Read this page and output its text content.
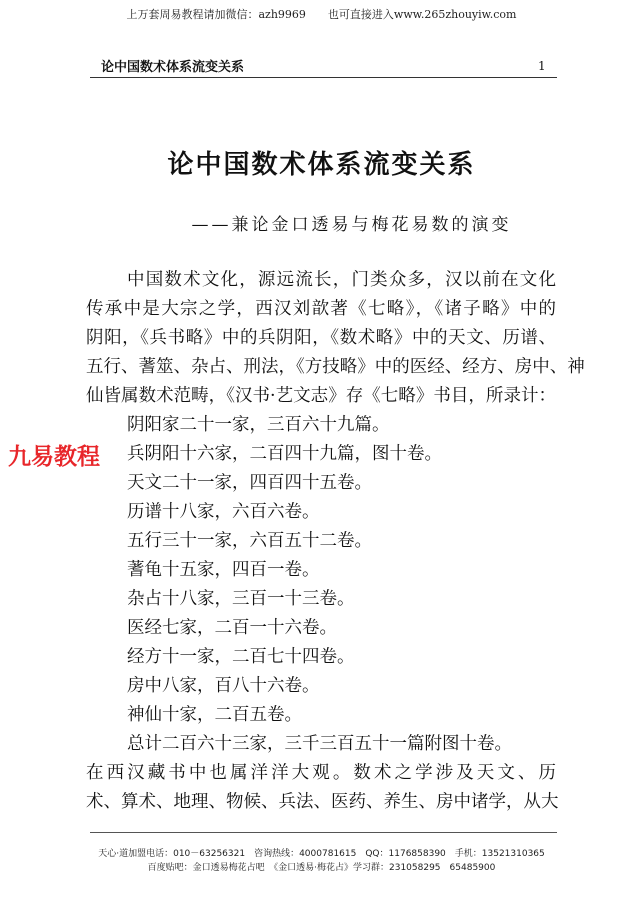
上万套周易教程请加微信：azh9969　　也可直接进入www.265zhouyiw.com
论中国数术体系流变关系	1
论中国数术体系流变关系
——兼论金口透易与梅花易数的演变
中国数术文化，源远流长，门类众多，汉以前在文化
传承中是大宗之学，西汉刘歆著《七略》，《诸子略》中的
阴阳，《兵书略》中的兵阴阳，《数术略》中的天文、历谱、
五行、蓍筮、杂占、刑法，《方技略》中的医经、经方、房中、神
仙皆属数术范畴，《汉书·艺文志》存《七略》书目，所录计：
阴阳家二十一家，三百六十九篇。
兵阴阳十六家，二百四十九篇，图十卷。
天文二十一家，四百四十五卷。
历谱十八家，六百六卷。
五行三十一家，六百五十二卷。
蓍龟十五家，四百一卷。
杂占十八家，三百一十三卷。
医经七家，二百一十六卷。
经方十一家，二百七十四卷。
房中八家，百八十六卷。
神仙十家，二百五卷。
九易教程
总计二百六十三家，三千三百五十一篇附图十卷。
在西汉藏书中也属洋洋大观。数术之学涉及天文、历
术、算术、地理、物候、兵法、医药、养生、房中诸学，从大
天心·道加盟电话：010－63256321　咨询热线：4000781615　QQ：1176858390　手机：13521310365
百度贴吧：金口透易梅花占吧　《金口透易·梅花占》学习群：231058295　65485900
